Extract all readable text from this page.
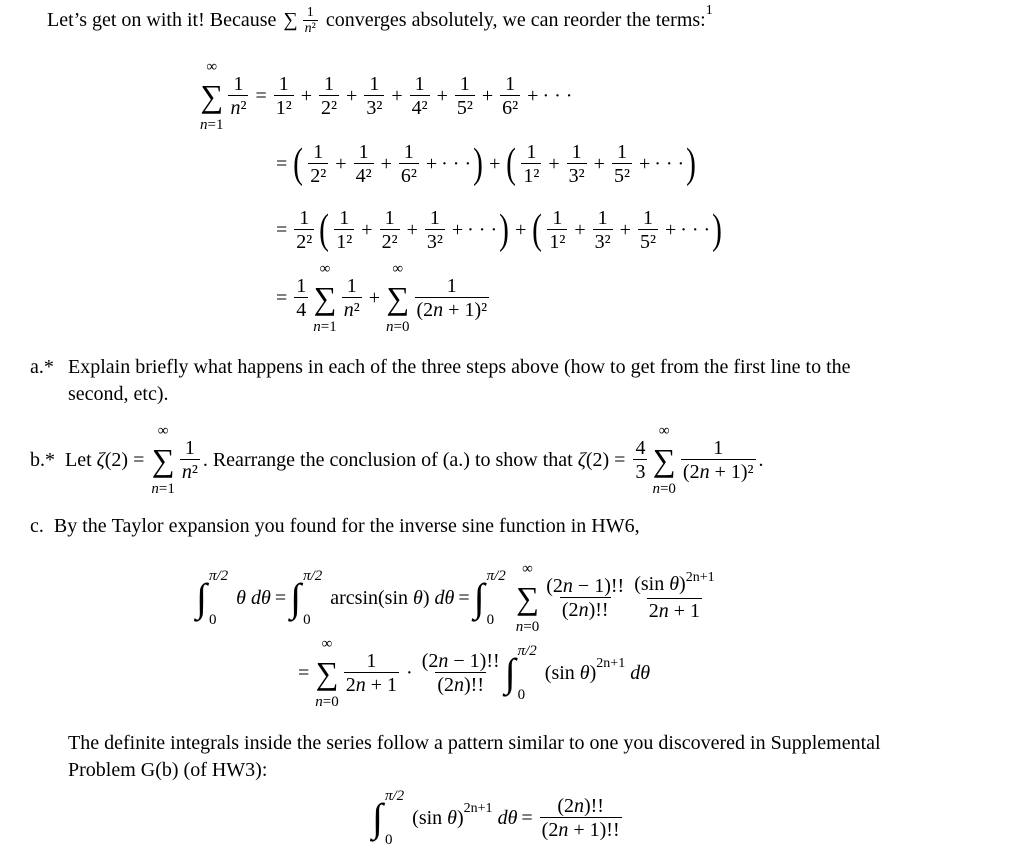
Let’s get on with it! Because ∑ $\frac{1}{\text{n²}}$ converges absolutely, we can reorder the terms: 1
∞
∑
n=1
$\frac{1}{\text{n²}} = \frac{1}{\text{1²}} + \frac{1}{\text{2²}} + \frac{1}{\text{3²}} + \frac{1}{\text{4²}} + \frac{1}{\text{5²}} + \frac{1}{\text{6²}}$ + · · ·
= ( $\frac{1}{\text{2²}} + \frac{1}{\text{4²}} + \frac{1}{\text{6²}}$ + · · · ) + ( $\frac{1}{\text{1²}} + \frac{1}{\text{3²}} + \frac{1}{\text{5²}}$ + · · · )
= $\frac{1}{\text{2²}}$ ( $\frac{1}{\text{1²}} + \frac{1}{\text{2²}} + \frac{1}{\text{3²}}$ + · · · ) + ( $\frac{1}{\text{1²}} + \frac{1}{\text{3²}} + \frac{1}{\text{5²}}$ + · · · )
= $\frac{1}{4}$
∞
∑
n=1
$\frac{1}{\text{n²}}$ +
∞
∑
n=0
$\frac{1}{\text{(2n + 1)²}}$
a.* Explain briefly what happens in each of the three steps above (how to get from the first line to the
second, etc).
b.*  Let ζ (2) =
∞
∑
n=1
$\frac{1}{\text{n²}}$ . Rearrange the conclusion of (a.) to show that ζ $(2) = \frac{4}{3}$
∞
∑
n=0
$\frac{1}{\text{(2n + 1)²}}$ .
c.  By the Taylor expansion you found for the inverse sine function in HW6,
∫ π/2
0
θ dθ = ∫ π/2
0
arcsin(sin θ ) dθ = ∫ π/2
0
∞
∑
n=0
$\frac{(2n - 1)!!}{(2n)!!} \frac{(\sin \theta)^{2n+1}}{2n + 1}$
=
∞
∑
n=0
$\frac{1}{2n + 1} \cdot \frac{(2n - 1)!!}{(2n)!!}$ ∫ π/2
0
(sin θ ) 2n+1
dθ
The definite integrals inside the series follow a pattern similar to one you discovered in Supplemental
Problem G(b) (of HW3):
∫ π/2
0
(sin θ ) 2n+1
$d\theta = \frac{(2n)!!}{(2n + 1)!!}$
